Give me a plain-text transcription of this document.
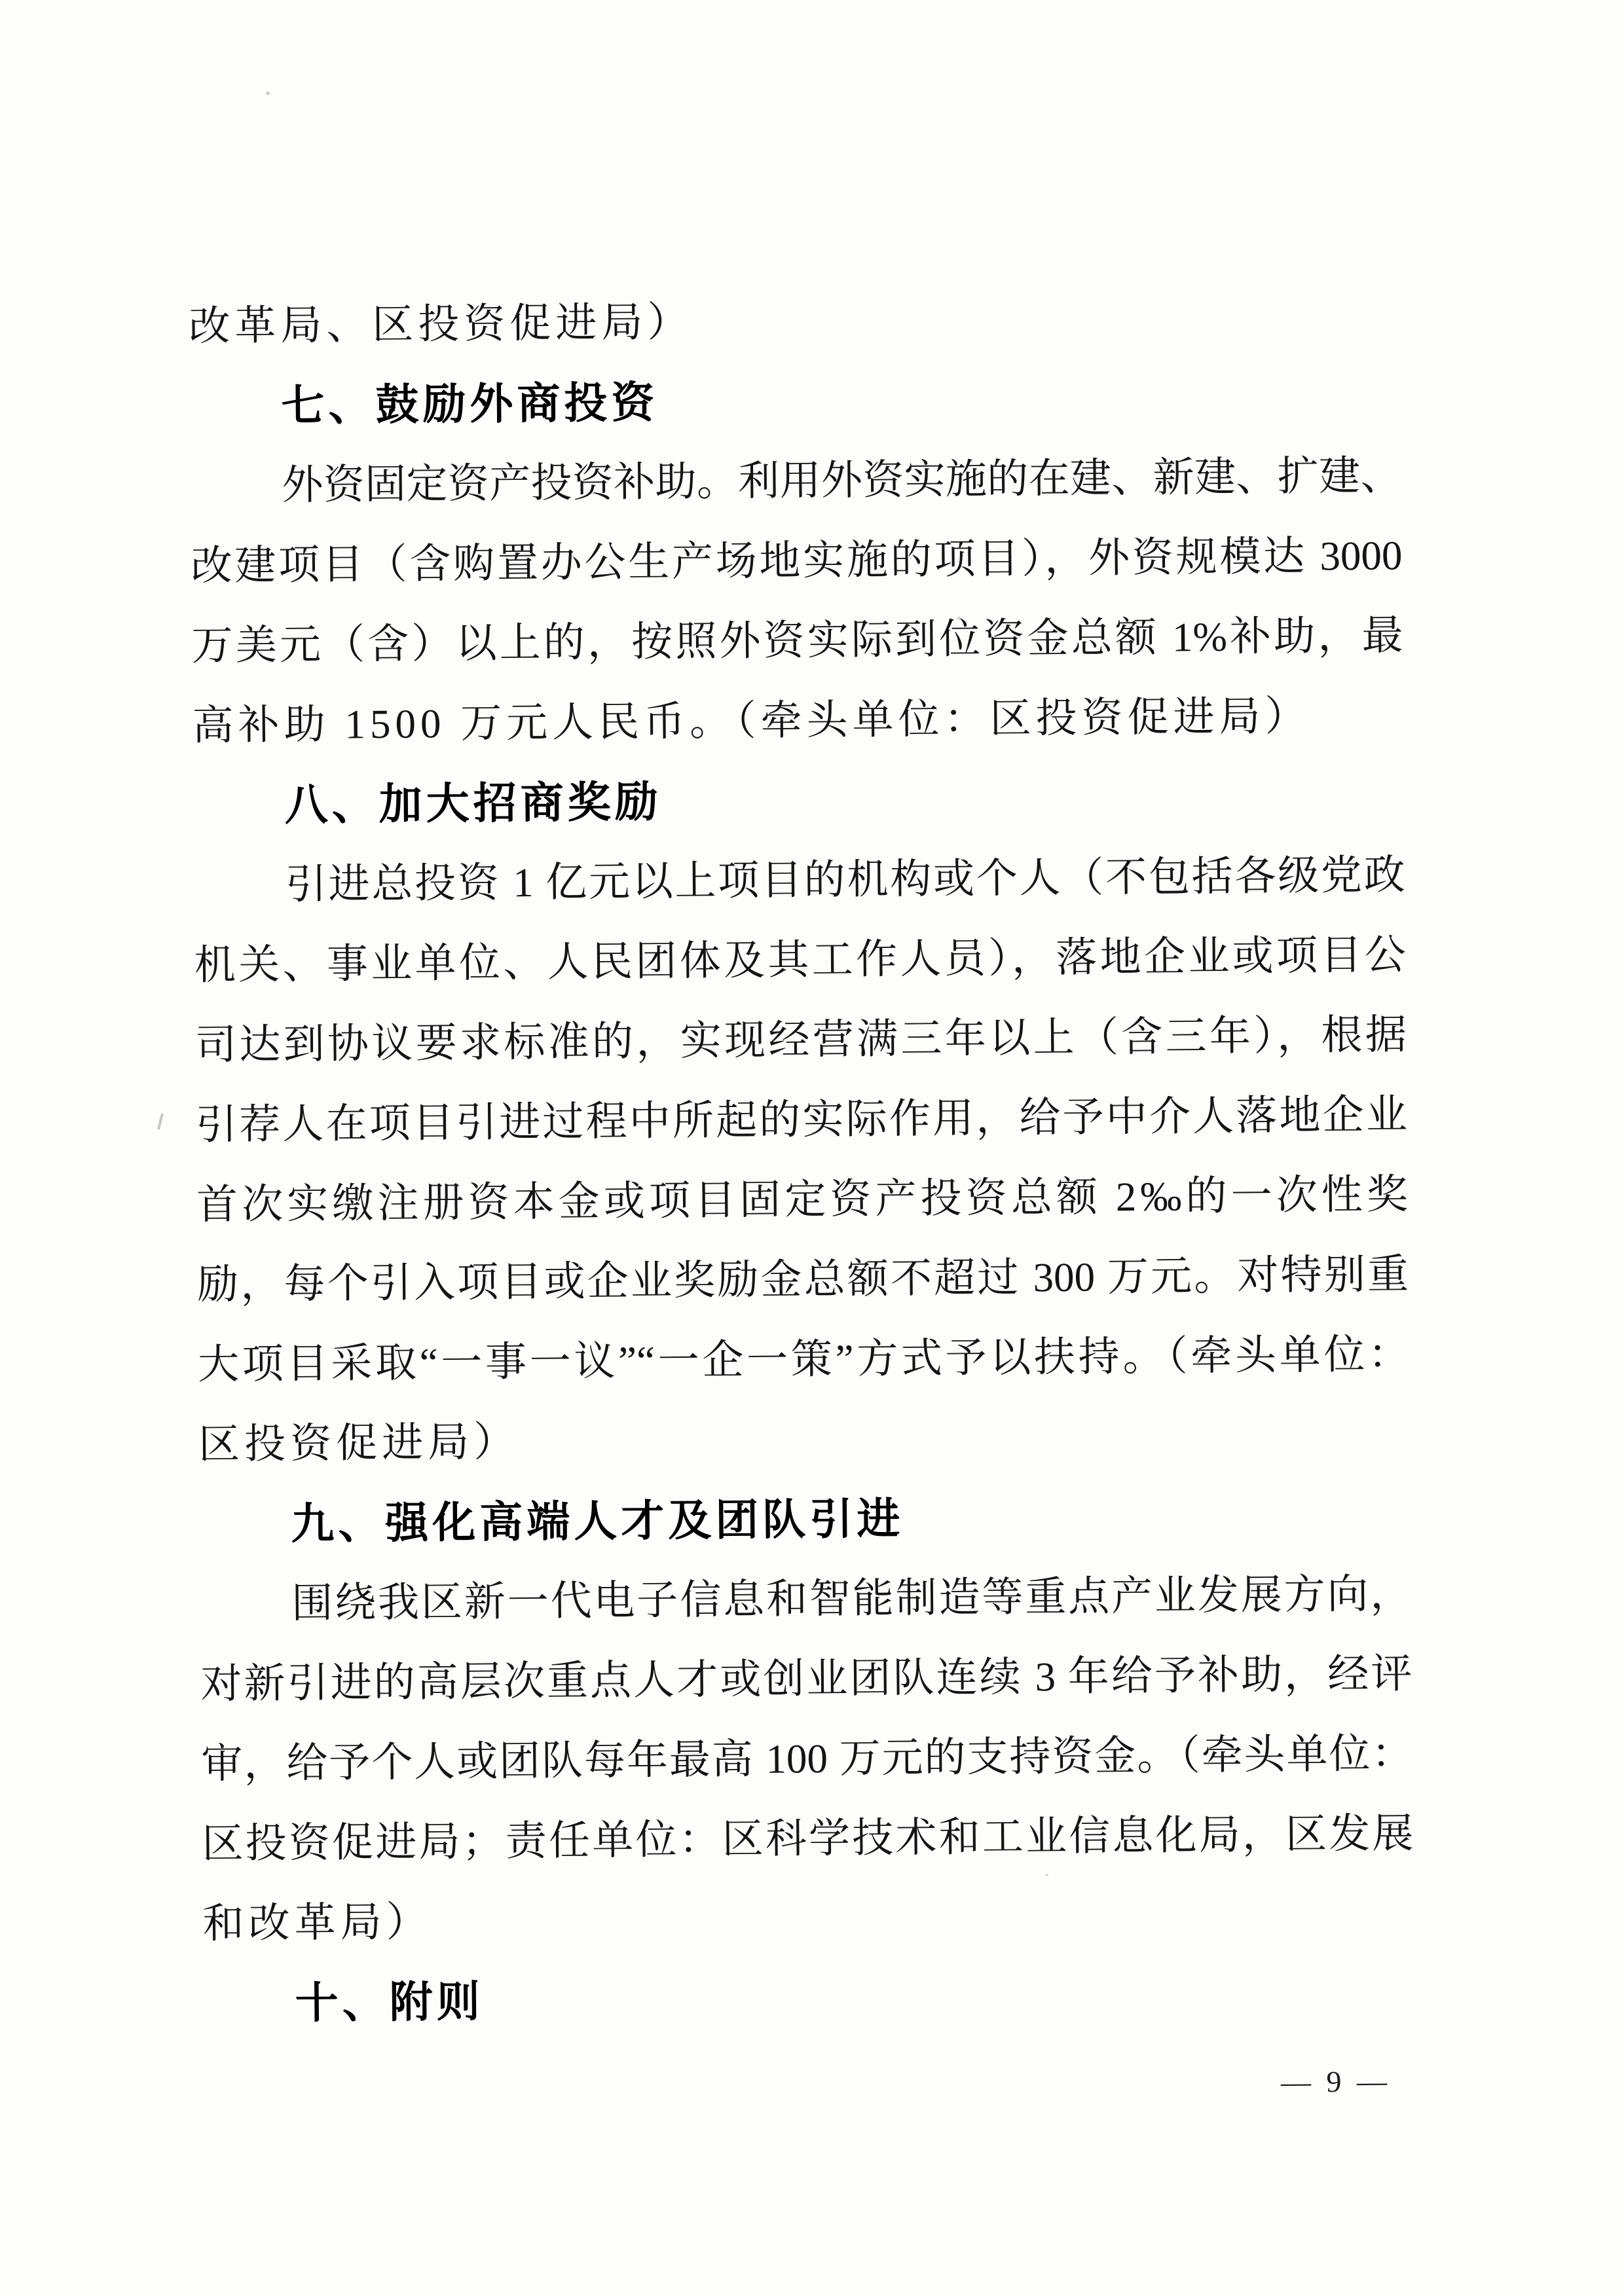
改革局、区投资促进局）
七、鼓励外商投资
外资固定资产投资补助。利用外资实施的在建、新建、扩建、
改建项目（含购置办公生产场地实施的项目），外资规模达 3000
万美元（含）以上的，按照外资实际到位资金总额 1%补助，最
高补助 1500 万元人民币。（牵头单位：区投资促进局）
八、加大招商奖励
引进总投资 1 亿元以上项目的机构或个人（不包括各级党政
机关、事业单位、人民团体及其工作人员），落地企业或项目公
司达到协议要求标准的，实现经营满三年以上（含三年），根据
引荐人在项目引进过程中所起的实际作用，给予中介人落地企业
首次实缴注册资本金或项目固定资产投资总额 2‰的一次性奖
励，每个引入项目或企业奖励金总额不超过 300 万元。对特别重
大项目采取“一事一议”“一企一策”方式予以扶持。（牵头单位：
区投资促进局）
九、强化高端人才及团队引进
围绕我区新一代电子信息和智能制造等重点产业发展方向，
对新引进的高层次重点人才或创业团队连续 3 年给予补助，经评
审，给予个人或团队每年最高 100 万元的支持资金。（牵头单位：
区投资促进局；责任单位：区科学技术和工业信息化局，区发展
和改革局）
十、附则
— 9 —
